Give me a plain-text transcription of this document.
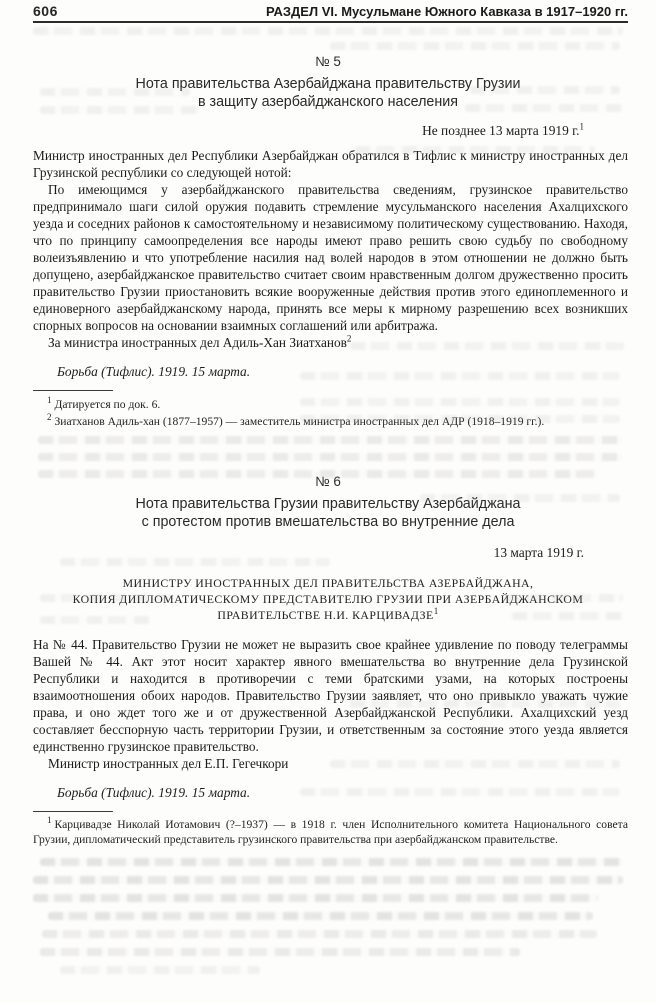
606	РАЗДЕЛ VI. Мусульмане Южного Кавказа в 1917–1920 гг.
№ 5
Нота правительства Азербайджана правительству Грузии
в защиту азербайджанского населения
Не позднее 13 марта 1919 г.$^1$

Министр иностранных дел Республики Азербайджан обратился в Тифлис к министру иностранных дел Грузинской республики со следующей нотой:

По имеющимся у азербайджанского правительства сведениям, грузинское правительство предпринимало шаги силой оружия подавить стремление мусульманского населения Ахалцихского уезда и соседних районов к самостоятельному и независимому политическому существованию. Находя, что по принципу самоопределения все народы имеют право решить свою судьбу по свободному волеизъявлению и что употребление насилия над волей народов в этом отношении не должно быть допущено, азербайджанское правительство считает своим нравственным долгом дружественно просить правительство Грузии приостановить всякие вооруженные действия против этого единоплеменного и единоверного азербайджанскому народа, принять все меры к мирному разрешению всех возникших спорных вопросов на основании взаимных соглашений или арбитража.

За министра иностранных дел Адиль-Хан Зиатханов$^2$

Борьба (Тифлис). 1919. 15 марта.

$^1$ Датируется по док. 6.

$^2$ Зиатханов Адиль-хан (1877–1957) — заместитель министра иностранных дел АДР (1918–1919 гг.).

№ 6
Нота правительства Грузии правительству Азербайджана
с протестом против вмешательства во внутренние дела
13 марта 1919 г.
МИНИСТРУ ИНОСТРАННЫХ ДЕЛ ПРАВИТЕЛЬСТВА АЗЕРБАЙДЖАНА,
КОПИЯ ДИПЛОМАТИЧЕСКОМУ ПРЕДСТАВИТЕЛЮ ГРУЗИИ ПРИ АЗЕРБАЙДЖАНСКОМ
ПРАВИТЕЛЬСТВЕ Н.И. КАРЦИВАДЗЕ$^1$

На № 44. Правительство Грузии не может не выразить свое крайнее удивление по поводу телеграммы Вашей № 44. Акт этот носит характер явного вмешательства во внутренние дела Грузинской Республики и находится в противоречии с теми братскими узами, на которых построены взаимоотношения обоих народов. Правительство Грузии заявляет, что оно привыкло уважать чужие права, и оно ждет того же и от дружественной Азербайджанской Республики. Ахалцихский уезд составляет бесспорную часть территории Грузии, и ответственным за состояние этого уезда является единственно грузинское правительство.

Министр иностранных дел Е.П. Гегечкори

Борьба (Тифлис). 1919. 15 марта.

$^1$ Карцивадзе Николай Иотамович (?–1937) — в 1918 г. член Исполнительного комитета Национального совета Грузии, дипломатический представитель грузинского правительства при азербайджанском правительстве.
